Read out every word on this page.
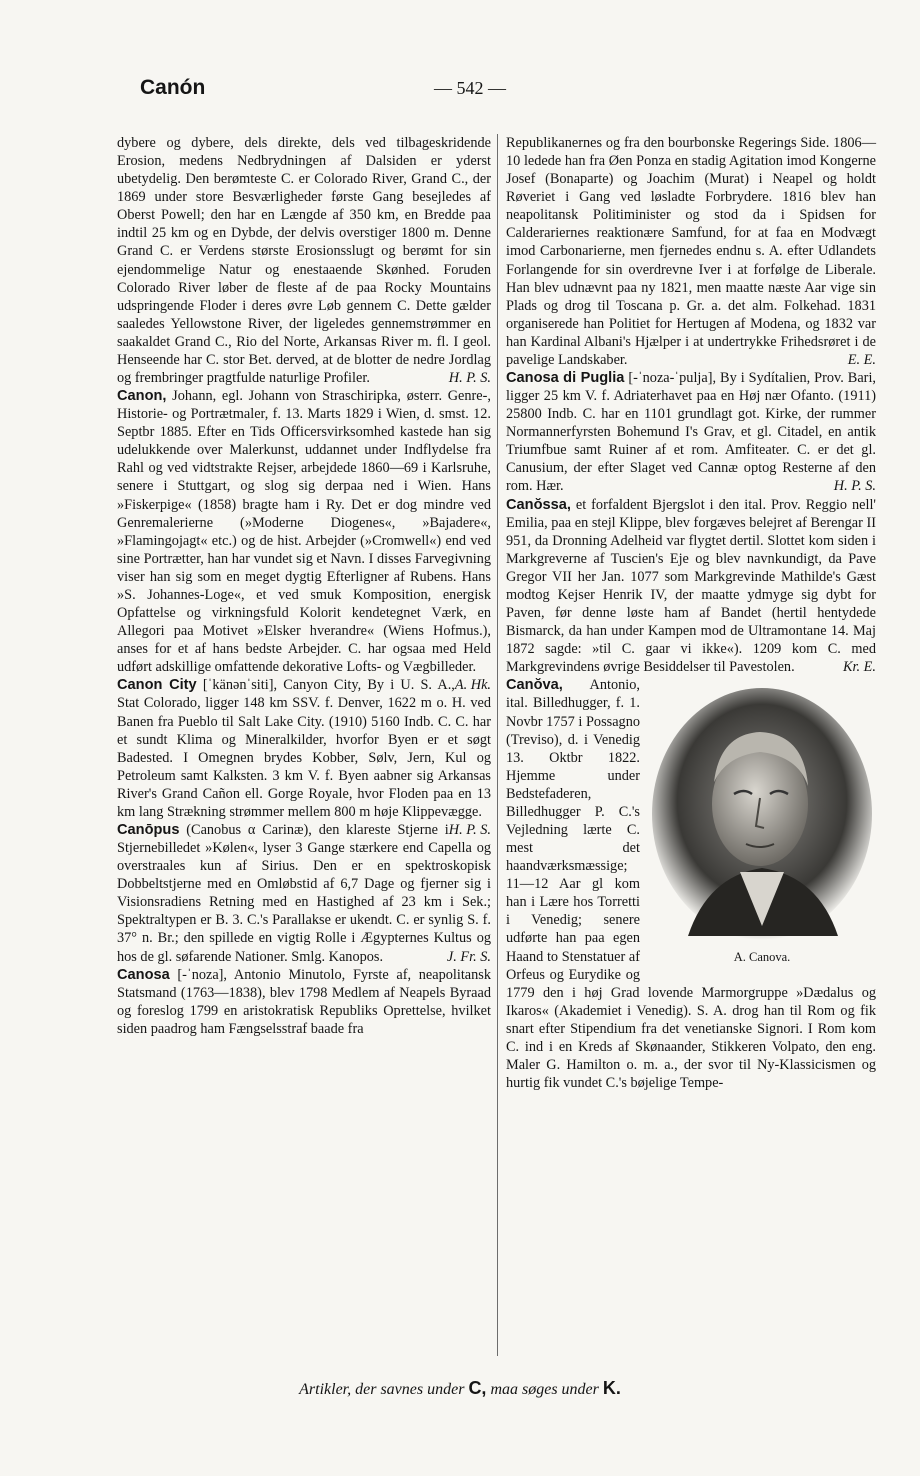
Canón	— 542 —

dybere og dybere, dels direkte, dels ved tilbageskridende Erosion, medens Nedbrydningen af Dalsiden er yderst ubetydelig. Den berømteste C. er Colorado River, Grand C., der 1869 under store Besværligheder første Gang besejledes af Oberst Powell; den har en Længde af 350 km, en Bredde paa indtil 25 km og en Dybde, der delvis overstiger 1800 m. Denne Grand C. er Verdens største Erosionsslugt og berømt for sin ejendommelige Natur og enestaaende Skønhed. Foruden Colorado River løber de fleste af de paa Rocky Mountains udspringende Floder i deres øvre Løb gennem C. Dette gælder saaledes Yellowstone River, der ligeledes gennemstrømmer en saakaldet Grand C., Rio del Norte, Arkansas River m. fl. I geol. Henseende har C. stor Bet. derved, at de blotter de nedre Jordlag og frembringer pragtfulde naturlige Profiler.	H. P. S.

Canon, Johann, egl. Johann von Straschiripka, østerr. Genre-, Historie- og Portrætmaler, f. 13. Marts 1829 i Wien, d. smst. 12. Septbr 1885. Efter en Tids Officersvirksomhed kastede han sig udelukkende over Malerkunst, uddannet under Indflydelse fra Rahl og ved vidtstrakte Rejser, arbejdede 1860—69 i Karlsruhe, senere i Stuttgart, og slog sig derpaa ned i Wien. Hans »Fiskerpige« (1858) bragte ham i Ry. Det er dog mindre ved Genremalerierne (»Moderne Diogenes«, »Bajadere«, »Flamingojagt« etc.) og de hist. Arbejder (»Cromwell«) end ved sine Portrætter, han har vundet sig et Navn. I disses Farvegivning viser han sig som en meget dygtig Efterligner af Rubens. Hans »S. Johannes-Loge«, et ved smuk Komposition, energisk Opfattelse og virkningsfuld Kolorit kendetegnet Værk, en Allegori paa Motivet »Elsker hverandre« (Wiens Hofmus.), anses for et af hans bedste Arbejder. C. har ogsaa med Held udført adskillige omfattende dekorative Lofts- og Vægbilleder.
A. Hk.

Canon City [ˈkänənˈsiti], Canyon City, By i U. S. A., Stat Colorado, ligger 148 km SSV. f. Denver, 1622 m o. H. ved Banen fra Pueblo til Salt Lake City. (1910) 5160 Indb. C. C. har et sundt Klima og Mineralkilder, hvorfor Byen er et søgt Badested. I Omegnen brydes Kobber, Sølv, Jern, Kul og Petroleum samt Kalksten. 3 km V. f. Byen aabner sig Arkansas River's Grand Cañon ell. Gorge Royale, hvor Floden paa en 13 km lang Strækning strømmer mellem 800 m høje Klippevægge.
H. P. S.

Canōpus (Canobus α Carinæ), den klareste Stjerne i Stjernebilledet »Kølen«, lyser 3 Gange stærkere end Capella og overstraales kun af Sirius. Den er en spektroskopisk Dobbeltstjerne med en Omløbstid af 6,7 Dage og fjerner sig i Visionsradiens Retning med en Hastighed af 23 km i Sek.; Spektraltypen er B. 3. C.'s Parallakse er ukendt. C. er synlig S. f. 37° n. Br.; den spillede en vigtig Rolle i Ægypternes Kultus og hos de gl. søfarende Nationer. Smlg. Kanopos.	J. Fr. S.

Canosa [-ˈnoza], Antonio Minutolo, Fyrste af, neapolitansk Statsmand (1763—1838), blev 1798 Medlem af Neapels Byraad og foreslog 1799 en aristokratisk Republiks Oprettelse, hvilket siden paadrog ham Fængselsstraf baade fra

Republikanernes og fra den bourbonske Regerings Side. 1806—10 ledede han fra Øen Ponza en stadig Agitation imod Kongerne Josef (Bonaparte) og Joachim (Murat) i Neapel og holdt Røveriet i Gang ved løsladte Forbrydere. 1816 blev han neapolitansk Politiminister og stod da i Spidsen for Calderariernes reaktionære Samfund, for at faa en Modvægt imod Carbonarierne, men fjernedes endnu s. A. efter Udlandets Forlangende for sin overdrevne Iver i at forfølge de Liberale. Han blev udnævnt paa ny 1821, men maatte næste Aar vige sin Plads og drog til Toscana p. Gr. a. det alm. Folkehad. 1831 organiserede han Politiet for Hertugen af Modena, og 1832 var han Kardinal Albani's Hjælper i at undertrykke Frihedsrøret i de pavelige Landskaber.	E. E.

Canosa di Puglia [-ˈnoza-ˈpulja], By i Sydítalien, Prov. Bari, ligger 25 km V. f. Adriaterhavet paa en Høj nær Ofanto. (1911) 25800 Indb. C. har en 1101 grundlagt got. Kirke, der rummer Normannerfyrsten Bohemund I's Grav, et gl. Citadel, en antik Triumfbue samt Ruiner af et rom. Amfiteater. C. er det gl. Canusium, der efter Slaget ved Cannæ optog Resterne af den rom. Hær.	H. P. S.

Canŏssa, et forfaldent Bjergslot i den ital. Prov. Reggio nell' Emilia, paa en stejl Klippe, blev forgæves belejret af Berengar II 951, da Dronning Adelheid var flygtet dertil. Slottet kom siden i Markgreverne af Tuscien's Eje og blev navnkundigt, da Pave Gregor VII her Jan. 1077 som Markgrevinde Mathilde's Gæst modtog Kejser Henrik IV, der maatte ydmyge sig dybt for Paven, før denne løste ham af Bandet (hertil hentydede Bismarck, da han under Kampen mod de Ultramontane 14. Maj 1872 sagde: »til C. gaar vi ikke«). 1209 kom C. med Markgrevindens øvrige Besiddelser til Pavestolen.	Kr. E.

A. Canova.
Canŏva, Antonio, ital. Billedhugger, f. 1. Novbr 1757 i Possagno (Treviso), d. i Venedig 13. Oktbr 1822. Hjemme under Bedstefaderen, Billedhugger P. C.'s Vejledning lærte C. mest det haandværksmæssige; 11—12 Aar gl kom han i Lære hos Torretti i Venedig; senere udførte han paa egen Haand to Stenstatuer af Orfeus og Eurydike og 1779 den i høj Grad lovende Marmorgruppe »Dædalus og Ikaros« (Akademiet i Venedig). S. A. drog han til Rom og fik snart efter Stipendium fra det venetianske Signori. I Rom kom C. ind i en Kreds af Skønaander, Stikkeren Volpato, den eng. Maler G. Hamilton o. m. a., der svor til Ny-Klassicismen og hurtig fik vundet C.'s bøjelige Tempe-

Artikler, der savnes under C, maa søges under K.
